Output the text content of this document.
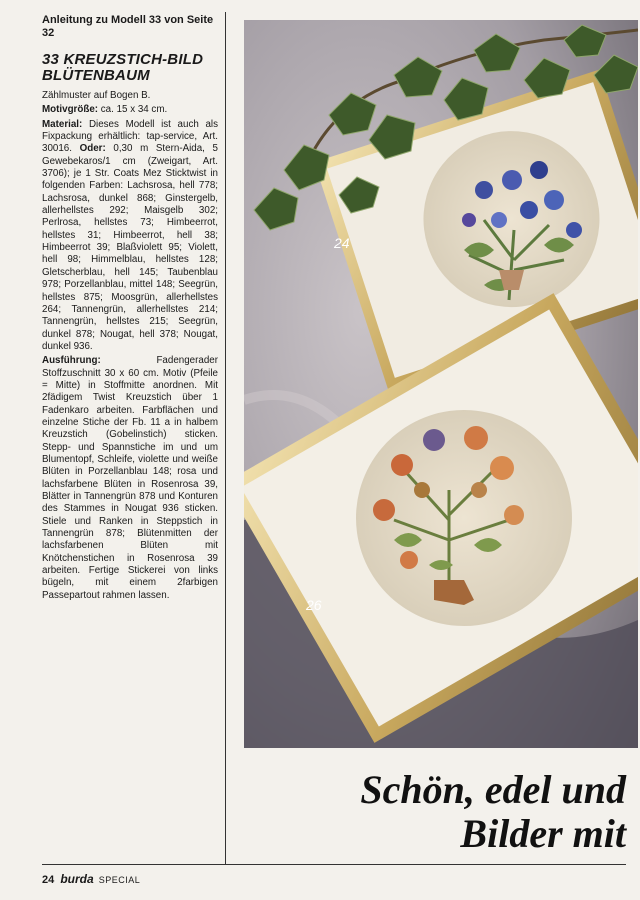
Anleitung zu Modell 33 von Seite 32

33 KREUZSTICH-BILD BLÜTENBAUM

Zählmuster auf Bogen B.

Motivgröße: ca. 15 x 34 cm.

Material: Dieses Modell ist auch als Fixpackung erhältlich: tap-service, Art. 30016. Oder: 0,30 m Stern-Aida, 5 Gewebekaros/1 cm (Zweigart, Art. 3706); je 1 Str. Coats Mez Sticktwist in folgenden Farben: Lachsrosa, hell 778; Lachsrosa, dunkel 868; Ginstergelb, allerhellstes 292; Maisgelb 302; Perlrosa, hellstes 73; Himbeerrot, hellstes 31; Himbeerrot, hell 38; Himbeerrot 39; Blaßviolett 95; Violett, hell 98; Himmelblau, hellstes 128; Gletscherblau, hell 145; Taubenblau 978; Porzellanblau, mittel 148; Seegrün, hellstes 875; Moosgrün, allerhellstes 264; Tannengrün, allerhellstes 214; Tannengrün, hellstes 215; Seegrün, dunkel 878; Nougat, hell 378; Nougat, dunkel 936.

Ausführung: Fadengerader Stoffzuschnitt 30 x 60 cm. Motiv (Pfeile = Mitte) in Stoffmitte anordnen. Mit 2fädigem Twist Kreuzstich über 1 Fadenkaro arbeiten. Farbflächen und einzelne Stiche der Fb. 11 a in halbem Kreuzstich (Gobelinstich) sticken. Stepp- und Spannstiche im und um Blumentopf, Schleife, violette und weiße Blüten in Porzellanblau 148; rosa und lachsfarbene Blüten in Rosenrosa 39, Blätter in Tannengrün 878 und Konturen des Stammes in Nougat 936 sticken. Stiele und Ranken in Steppstich in Tannengrün 878; Blütenmitten der lachsfarbenen Blüten mit Knötchenstichen in Rosenrosa 39 arbeiten. Fertige Stickerei von links bügeln, mit einem 2farbigen Passepartout rahmen lassen.

24
26
Schön, edel und
Bilder mit
24 burda SPECIAL
